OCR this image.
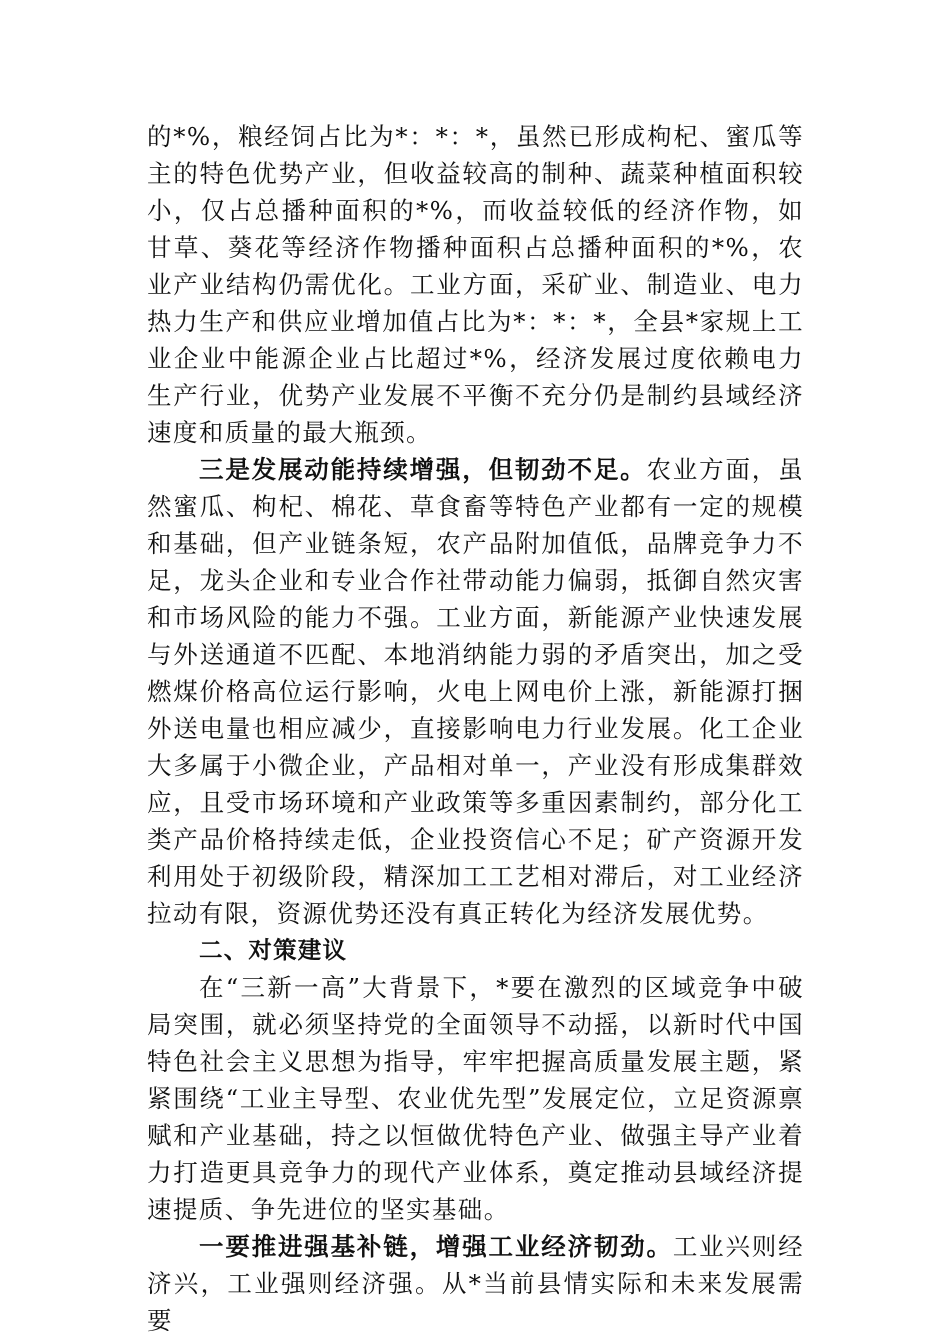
的*%，粮经饲占比为*：*：*，虽然已形成枸杞、蜜瓜等主的特色优势产业，但收益较高的制种、蔬菜种植面积较小，仅占总播种面积的*%，而收益较低的经济作物，如甘草、葵花等经济作物播种面积占总播种面积的*%，农业产业结构仍需优化。工业方面，采矿业、制造业、电力热力生产和供应业增加值占比为*：*：*，全县*家规上工业企业中能源企业占比超过*%，经济发展过度依赖电力生产行业，优势产业发展不平衡不充分仍是制约县域经济速度和质量的最大瓶颈。

三是发展动能持续增强，但韧劲不足。农业方面，虽然蜜瓜、枸杞、棉花、草食畜等特色产业都有一定的规模和基础，但产业链条短，农产品附加值低，品牌竞争力不足，龙头企业和专业合作社带动能力偏弱，抵御自然灾害和市场风险的能力不强。工业方面，新能源产业快速发展与外送通道不匹配、本地消纳能力弱的矛盾突出，加之受燃煤价格高位运行影响，火电上网电价上涨，新能源打捆外送电量也相应减少，直接影响电力行业发展。化工企业大多属于小微企业，产品相对单一，产业没有形成集群效应，且受市场环境和产业政策等多重因素制约，部分化工类产品价格持续走低，企业投资信心不足；矿产资源开发利用处于初级阶段，精深加工工艺相对滞后，对工业经济拉动有限，资源优势还没有真正转化为经济发展优势。

二、对策建议

在“三新一高”大背景下，*要在激烈的区域竞争中破局突围，就必须坚持党的全面领导不动摇，以新时代中国特色社会主义思想为指导，牢牢把握高质量发展主题，紧紧围绕“工业主导型、农业优先型”发展定位，立足资源禀赋和产业基础，持之以恒做优特色产业、做强主导产业着力打造更具竞争力的现代产业体系，奠定推动县域经济提速提质、争先进位的坚实基础。

一要推进强基补链，增强工业经济韧劲。工业兴则经济兴，工业强则经济强。从*当前县情实际和未来发展需要
